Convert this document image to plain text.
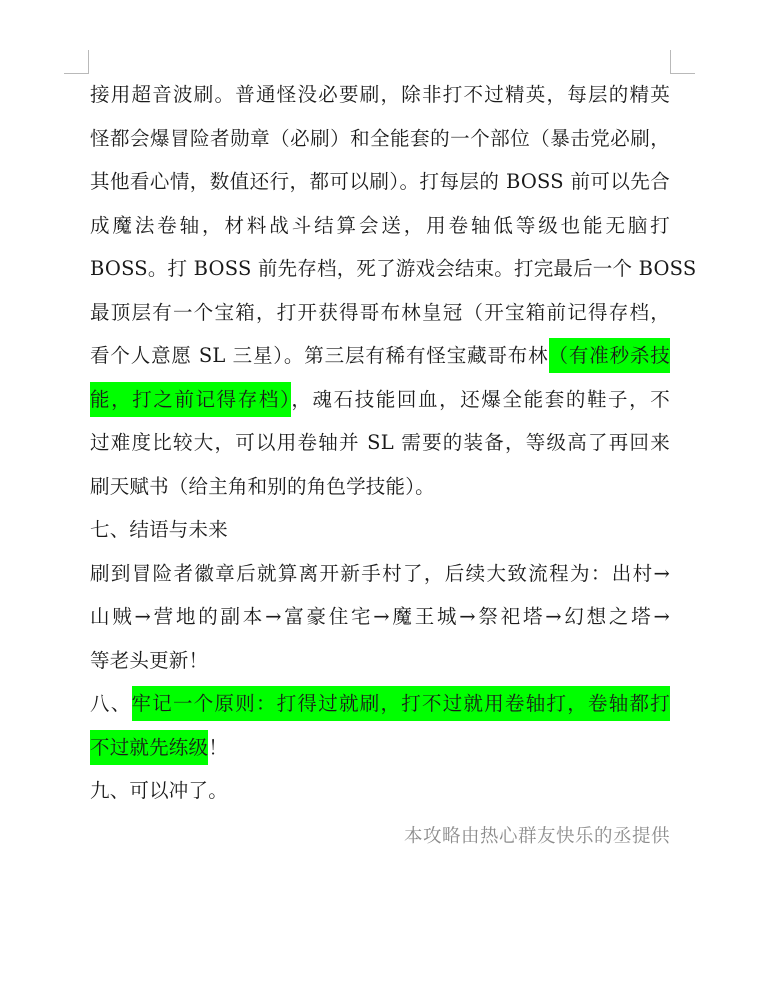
接用超音波刷。普通怪没必要刷，除非打不过精英，每层的精英
怪都会爆冒险者勋章（必刷）和全能套的一个部位（暴击党必刷，
其他看心情，数值还行，都可以刷）。打每层的 BOSS 前可以先合
成魔法卷轴，材料战斗结算会送，用卷轴低等级也能无脑打
BOSS。打 BOSS 前先存档，死了游戏会结束。打完最后一个 BOSS
最顶层有一个宝箱，打开获得哥布林皇冠（开宝箱前记得存档，
看个人意愿 SL 三星）。第三层有稀有怪宝藏哥布林（有准秒杀技
能，打之前记得存档），魂石技能回血，还爆全能套的鞋子，不
过难度比较大，可以用卷轴并 SL 需要的装备，等级高了再回来
刷天赋书（给主角和别的角色学技能）。
七、结语与未来
刷到冒险者徽章后就算离开新手村了，后续大致流程为：出村→
山贼→营地的副本→富豪住宅→魔王城→祭祀塔→幻想之塔→
等老头更新！
八、牢记一个原则：打得过就刷，打不过就用卷轴打，卷轴都打
不过就先练级！
九、可以冲了。
本攻略由热心群友快乐的丞提供
